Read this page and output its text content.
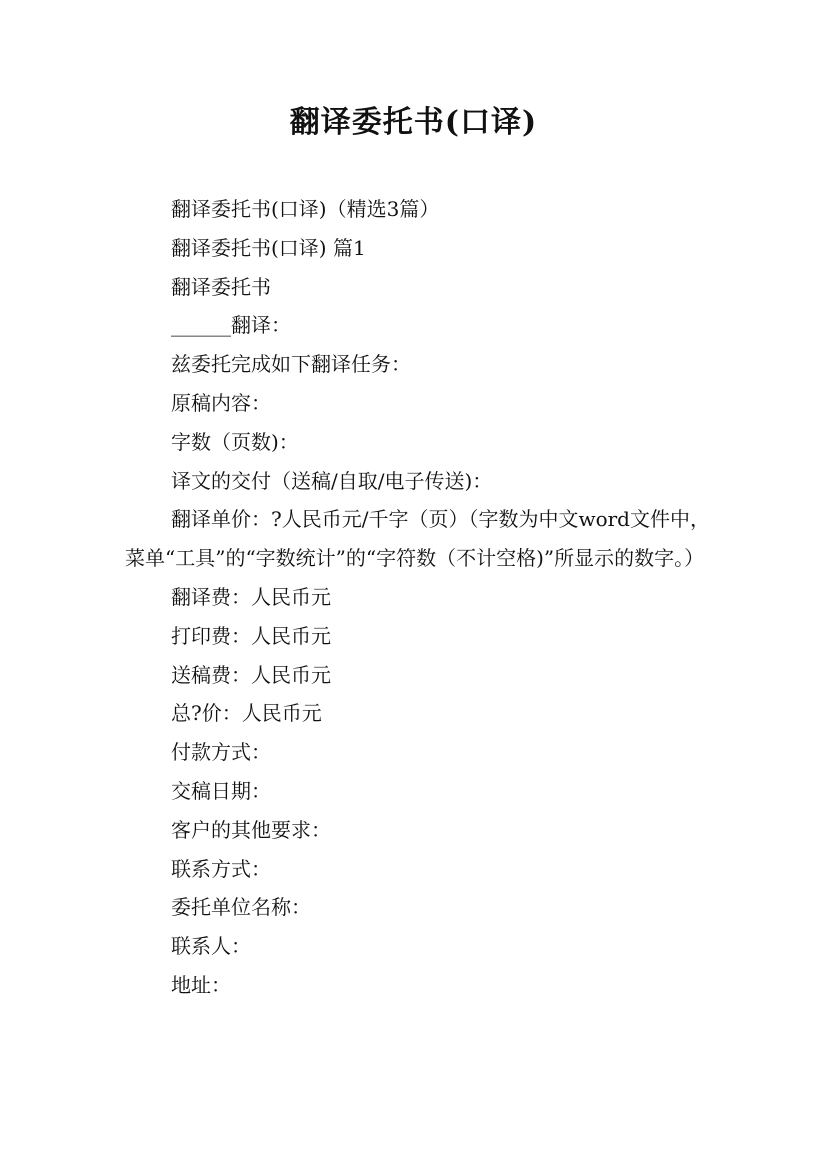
翻译委托书(口译)

翻译委托书(口译)（精选3篇）

翻译委托书(口译) 篇1

翻译委托书

______翻译：

兹委托完成如下翻译任务：

原稿内容：

字数（页数)：

译文的交付（送稿/自取/电子传送)：

翻译单价：?人民币元/千字（页）（字数为中文word文件中，菜单“工具”的“字数统计”的“字符数（不计空格)”所显示的数字。）

翻译费：人民币元

打印费：人民币元

送稿费：人民币元

总?价：人民币元

付款方式：

交稿日期：

客户的其他要求：

联系方式：

委托单位名称：

联系人：

地址：
